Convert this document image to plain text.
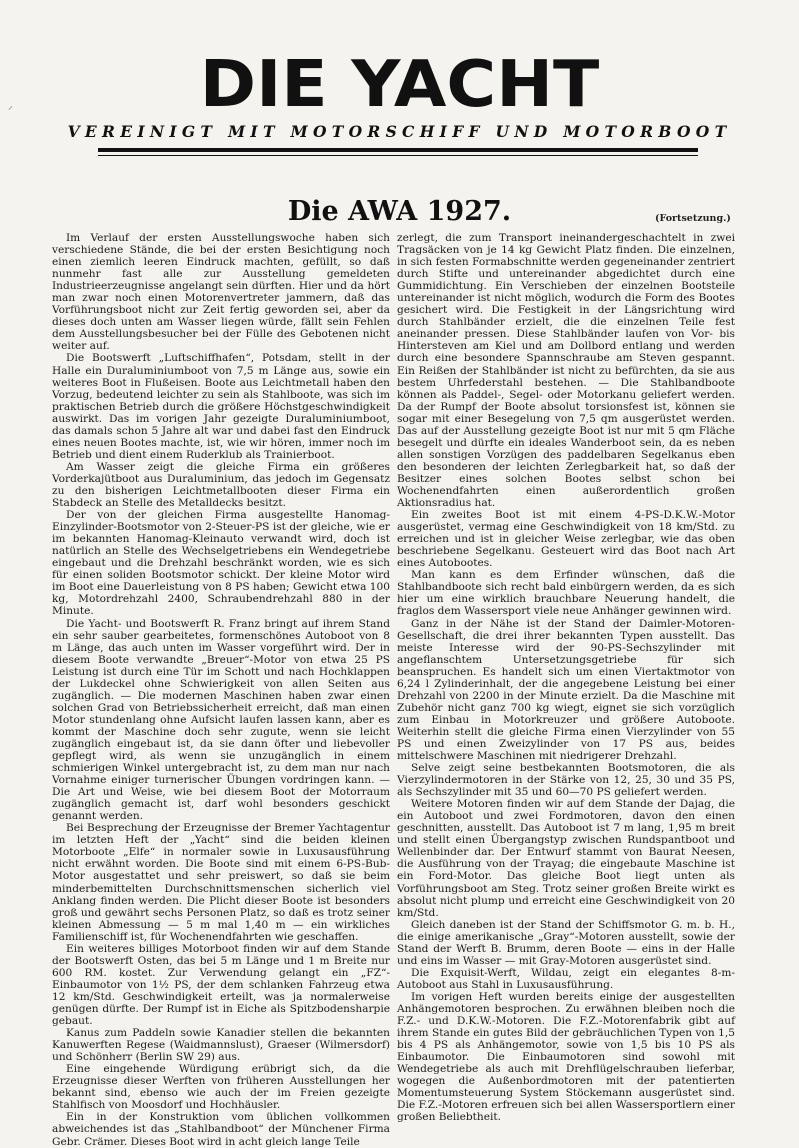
⸝	DIE YACHT
VEREINIGT MIT MOTORSCHIFF UND MOTORBOOT
Die AWA 1927.	(Fortsetzung.)

Im Verlauf der ersten Ausstellungswoche haben sich verschiedene Stände, die bei der ersten Besichtigung noch einen ziemlich leeren Eindruck machten, gefüllt, so daß nunmehr fast alle zur Ausstellung gemeldeten Industrieerzeugnisse angelangt sein dürften. Hier und da hört man zwar noch einen Motorenvertreter jammern, daß das Vorführungsboot nicht zur Zeit fertig geworden sei, aber da dieses doch unten am Wasser liegen würde, fällt sein Fehlen dem Ausstellungsbesucher bei der Fülle des Gebotenen nicht weiter auf.

Die Bootswerft „Luftschiffhafen“, Potsdam, stellt in der Halle ein Duraluminiumboot von 7,5 m Länge aus, sowie ein weiteres Boot in Flußeisen. Boote aus Leichtmetall haben den Vorzug, bedeutend leichter zu sein als Stahlboote, was sich im praktischen Betrieb durch die größere Höchstgeschwindigkeit auswirkt. Das im vorigen Jahr gezeigte Duraluminiumboot, das damals schon 5 Jahre alt war und dabei fast den Eindruck eines neuen Bootes machte, ist, wie wir hören, immer noch im Betrieb und dient einem Ruderklub als Trainierboot.

Am Wasser zeigt die gleiche Firma ein größeres Vorderkajütboot aus Duraluminium, das jedoch im Gegensatz zu den bisherigen Leichtmetallbooten dieser Firma ein Stabdeck an Stelle des Metalldecks besitzt.

Der von der gleichen Firma ausgestellte Hanomag-Einzylinder-Bootsmotor von 2-Steuer-PS ist der gleiche, wie er im bekannten Hanomag-Kleinauto verwandt wird, doch ist natürlich an Stelle des Wechselgetriebens ein Wendegetriebe eingebaut und die Drehzahl beschränkt worden, wie es sich für einen soliden Bootsmotor schickt. Der kleine Motor wird im Boot eine Dauerleistung von 8 PS haben; Gewicht etwa 100 kg, Motordrehzahl 2400, Schraubendrehzahl 880 in der Minute.

Die Yacht- und Bootswerft R. Franz bringt auf ihrem Stand ein sehr sauber gearbeitetes, formenschönes Autoboot von 8 m Länge, das auch unten im Wasser vorgeführt wird. Der in diesem Boote verwandte „Breuer“-Motor von etwa 25 PS Leistung ist durch eine Tür im Schott und nach Hochklappen der Lukdeckel ohne Schwierigkeit von allen Seiten aus zugänglich. — Die modernen Maschinen haben zwar einen solchen Grad von Betriebssicherheit erreicht, daß man einen Motor stundenlang ohne Aufsicht laufen lassen kann, aber es kommt der Maschine doch sehr zugute, wenn sie leicht zugänglich eingebaut ist, da sie dann öfter und liebevoller gepflegt wird, als wenn sie unzugänglich in einem schmierigen Winkel untergebracht ist, zu dem man nur nach Vornahme einiger turnerischer Übungen vordringen kann. — Die Art und Weise, wie bei diesem Boot der Motorraum zugänglich gemacht ist, darf wohl besonders geschickt genannt werden.

Bei Besprechung der Erzeugnisse der Bremer Yachtagentur im letzten Heft der „Yacht“ sind die beiden kleinen Motorboote „Elfe“ in normaler sowie in Luxusausführung nicht erwähnt worden. Die Boote sind mit einem 6-PS-Bub-Motor ausgestattet und sehr preiswert, so daß sie beim minderbemittelten Durchschnittsmenschen sicherlich viel Anklang finden werden. Die Plicht dieser Boote ist besonders groß und gewährt sechs Personen Platz, so daß es trotz seiner kleinen Abmessung — 5 m mal 1,40 m — ein wirkliches Familienschiff ist, für Wochenendfahrten wie geschaffen.

Ein weiteres billiges Motorboot finden wir auf dem Stande der Bootswerft Osten, das bei 5 m Länge und 1 m Breite nur 600 RM. kostet. Zur Verwendung gelangt ein „FZ“-Einbaumotor von 1½ PS, der dem schlanken Fahrzeug etwa 12 km/Std. Geschwindigkeit erteilt, was ja normalerweise genügen dürfte. Der Rumpf ist in Eiche als Spitzbodensharpie gebaut.

Kanus zum Paddeln sowie Kanadier stellen die bekannten Kanuwerften Regese (Waidmannslust), Graeser (Wilmersdorf) und Schönherr (Berlin SW 29) aus.

Eine eingehende Würdigung erübrigt sich, da die Erzeugnisse dieser Werften von früheren Ausstellungen her bekannt sind, ebenso wie auch der im Freien gezeigte Stahlfisch von Moosdorf und Hochhäusler.

Ein in der Konstruktion vom üblichen vollkommen abweichendes ist das „Stahlbandboot“ der Münchener Firma Gebr. Crämer. Dieses Boot wird in acht gleich lange Teile

zerlegt, die zum Transport ineinandergeschachtelt in zwei Tragsäcken von je 14 kg Gewicht Platz finden. Die einzelnen, in sich festen Formabschnitte werden gegeneinander zentriert durch Stifte und untereinander abgedichtet durch eine Gummidichtung. Ein Verschieben der einzelnen Bootsteile untereinander ist nicht möglich, wodurch die Form des Bootes gesichert wird. Die Festigkeit in der Längsrichtung wird durch Stahlbänder erzielt, die die einzelnen Teile fest aneinander pressen. Diese Stahlbänder laufen von Vor- bis Hintersteven am Kiel und am Dollbord entlang und werden durch eine besondere Spannschraube am Steven gespannt. Ein Reißen der Stahlbänder ist nicht zu befürchten, da sie aus bestem Uhrfederstahl bestehen. — Die Stahlbandboote können als Paddel-, Segel- oder Motorkanu geliefert werden. Da der Rumpf der Boote absolut torsionsfest ist, können sie sogar mit einer Besegelung von 7,5 qm ausgerüstet werden. Das auf der Ausstellung gezeigte Boot ist nur mit 5 qm Fläche besegelt und dürfte ein ideales Wanderboot sein, da es neben allen sonstigen Vorzügen des paddelbaren Segelkanus eben den besonderen der leichten Zerlegbarkeit hat, so daß der Besitzer eines solchen Bootes selbst schon bei Wochenendfahrten einen außerordentlich großen Aktionsradius hat.

Ein zweites Boot ist mit einem 4-PS-D.K.W.-Motor ausgerüstet, vermag eine Geschwindigkeit von 18 km/Std. zu erreichen und ist in gleicher Weise zerlegbar, wie das oben beschriebene Segelkanu. Gesteuert wird das Boot nach Art eines Autobootes.

Man kann es dem Erfinder wünschen, daß die Stahlbandboote sich recht bald einbürgern werden, da es sich hier um eine wirklich brauchbare Neuerung handelt, die fraglos dem Wassersport viele neue Anhänger gewinnen wird.

Ganz in der Nähe ist der Stand der Daimler-Motoren-Gesellschaft, die drei ihrer bekannten Typen ausstellt. Das meiste Interesse wird der 90-PS-Sechszylinder mit angeflanschtem Untersetzungsgetriebe für sich beanspruchen. Es handelt sich um einen Viertaktmotor von 6,24 l Zylinderinhalt, der die angegebene Leistung bei einer Drehzahl von 2200 in der Minute erzielt. Da die Maschine mit Zubehör nicht ganz 700 kg wiegt, eignet sie sich vorzüglich zum Einbau in Motorkreuzer und größere Autoboote. Weiterhin stellt die gleiche Firma einen Vierzylinder von 55 PS und einen Zweizylinder von 17 PS aus, beides mittelschwere Maschinen mit niedrigerer Drehzahl.

Selve zeigt seine bestbekannten Bootsmotoren, die als Vierzylindermotoren in der Stärke von 12, 25, 30 und 35 PS, als Sechszylinder mit 35 und 60—70 PS geliefert werden.

Weitere Motoren finden wir auf dem Stande der Dajag, die ein Autoboot und zwei Fordmotoren, davon den einen geschnitten, ausstellt. Das Autoboot ist 7 m lang, 1,95 m breit und stellt einen Übergangstyp zwischen Rundspantboot und Wellenbinder dar. Der Entwurf stammt von Baurat Neesen, die Ausführung von der Trayag; die eingebaute Maschine ist ein Ford-Motor. Das gleiche Boot liegt unten als Vorführungsboot am Steg. Trotz seiner großen Breite wirkt es absolut nicht plump und erreicht eine Geschwindigkeit von 20 km/Std.

Gleich daneben ist der Stand der Schiffsmotor G. m. b. H., die einige amerikanische „Gray“-Motoren ausstellt, sowie der Stand der Werft B. Brumm, deren Boote — eins in der Halle und eins im Wasser — mit Gray-Motoren ausgerüstet sind.

Die Exquisit-Werft, Wildau, zeigt ein elegantes 8-m-Autoboot aus Stahl in Luxusausführung.

Im vorigen Heft wurden bereits einige der ausgestellten Anhängemotoren besprochen. Zu erwähnen bleiben noch die F.Z.- und D.K.W.-Motoren. Die F.Z.-Motorenfabrik gibt auf ihrem Stande ein gutes Bild der gebräuchlichen Typen von 1,5 bis 4 PS als Anhängemotor, sowie von 1,5 bis 10 PS als Einbaumotor. Die Einbaumotoren sind sowohl mit Wendegetriebe als auch mit Drehflügelschrauben lieferbar, wogegen die Außenbordmotoren mit der patentierten Momentumsteuerung System Stöckemann ausgerüstet sind. Die F.Z.-Motoren erfreuen sich bei allen Wassersportlern einer großen Beliebtheit.
